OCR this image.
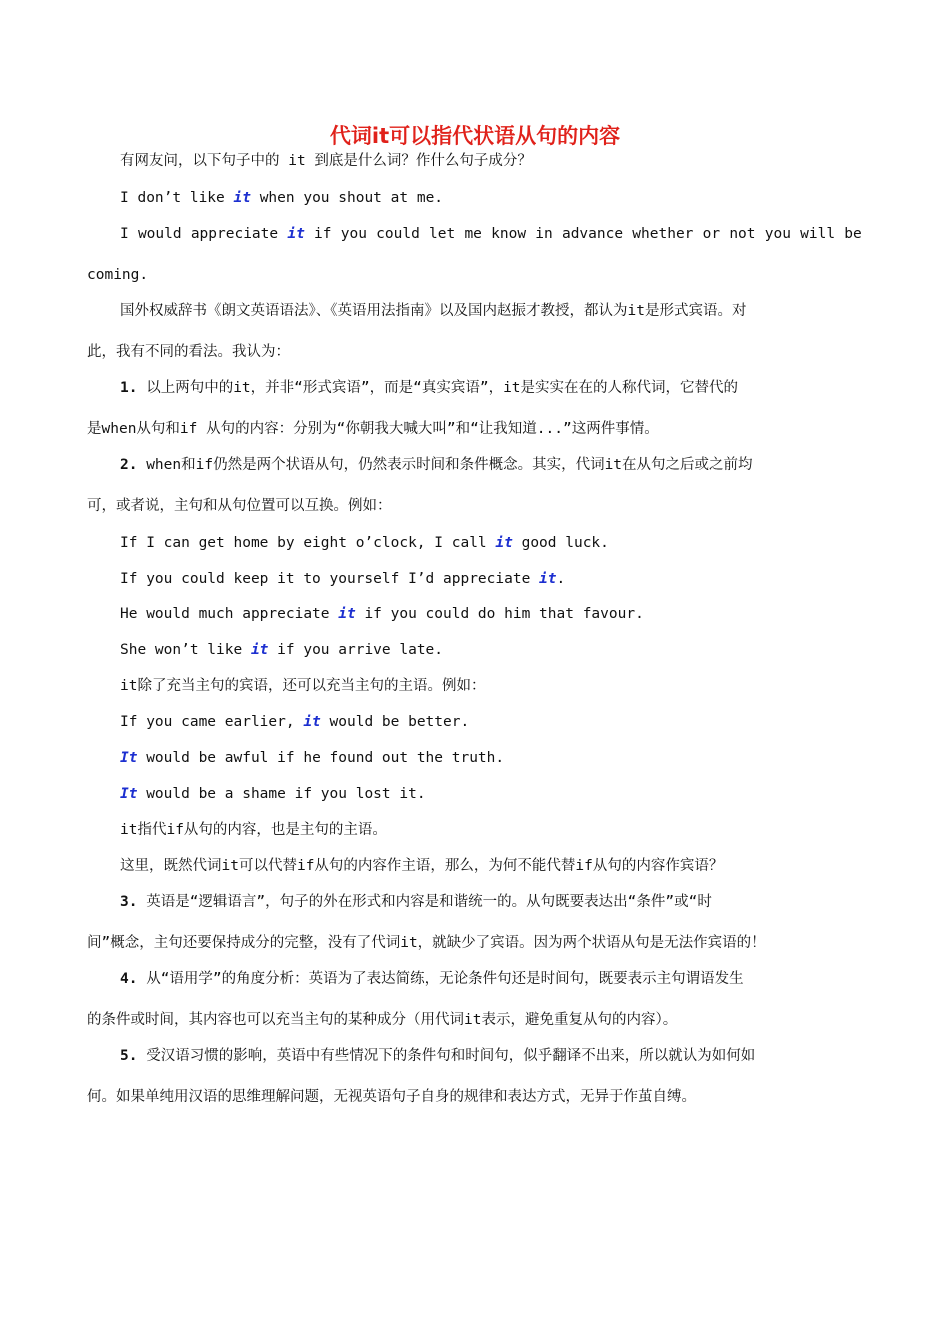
代词it可以指代状语从句的内容
有网友问，以下句子中的 it 到底是什么词？作什么句子成分？
I don’t like it when you shout at me.
I would appreciate it if you could let me know in advance whether or not you will be
coming.
国外权威辞书《朗文英语语法》、《英语用法指南》以及国内赵振才教授，都认为it是形式宾语。对
此，我有不同的看法。我认为：
1. 以上两句中的it，并非“形式宾语”，而是“真实宾语”，it是实实在在的人称代词，它替代的
是when从句和if 从句的内容：分别为“你朝我大喊大叫”和“让我知道...”这两件事情。
2. when和if仍然是两个状语从句，仍然表示时间和条件概念。其实，代词it在从句之后或之前均
可，或者说，主句和从句位置可以互换。例如：
If I can get home by eight o’clock, I call it good luck.
If you could keep it to yourself I’d appreciate it.
He would much appreciate it if you could do him that favour.
She won’t like it if you arrive late.
it除了充当主句的宾语，还可以充当主句的主语。例如：
If you came earlier, it would be better.
It would be awful if he found out the truth.
It would be a shame if you lost it.
it指代if从句的内容，也是主句的主语。
这里，既然代词it可以代替if从句的内容作主语，那么，为何不能代替if从句的内容作宾语？
3. 英语是“逻辑语言”，句子的外在形式和内容是和谐统一的。从句既要表达出“条件”或“时
间”概念，主句还要保持成分的完整，没有了代词it，就缺少了宾语。因为两个状语从句是无法作宾语的！
4. 从“语用学”的角度分析：英语为了表达简练，无论条件句还是时间句，既要表示主句谓语发生
的条件或时间，其内容也可以充当主句的某种成分（用代词it表示，避免重复从句的内容）。
5. 受汉语习惯的影响，英语中有些情况下的条件句和时间句，似乎翻译不出来，所以就认为如何如
何。如果单纯用汉语的思维理解问题，无视英语句子自身的规律和表达方式，无异于作茧自缚。
